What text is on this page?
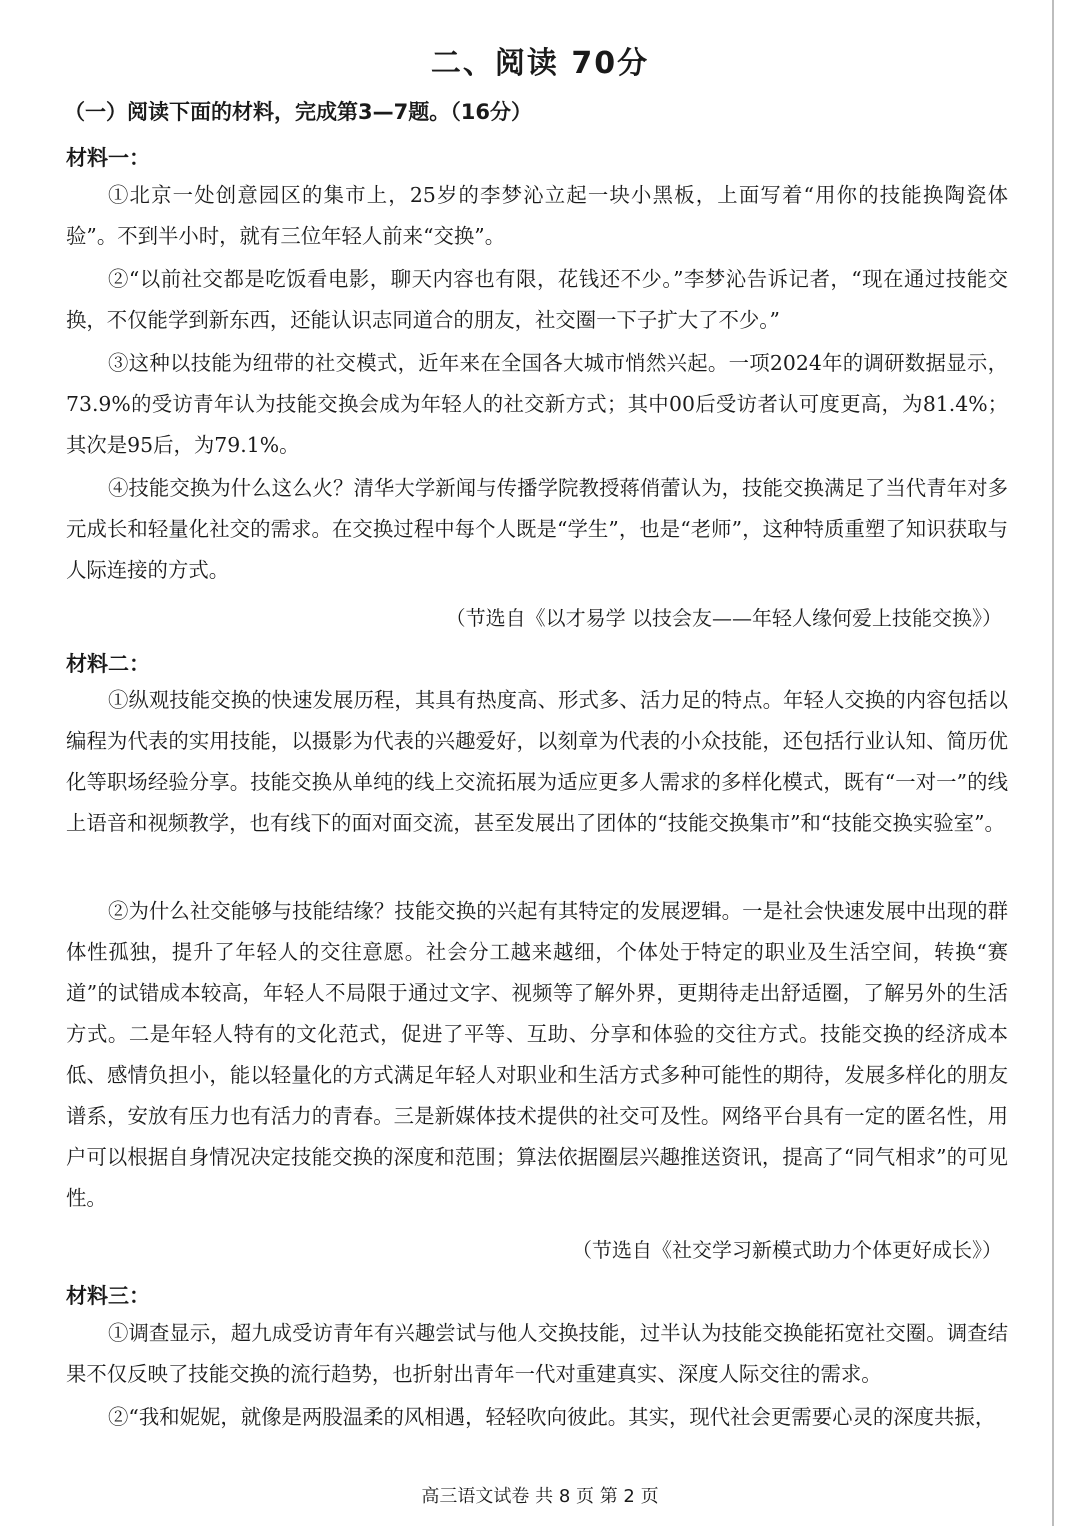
二、阅读 70分
（一）阅读下面的材料，完成第3—7题。（16分）
材料一：

①北京一处创意园区的集市上，25岁的李梦沁立起一块小黑板，上面写着“用你的技能换陶瓷体验”。不到半小时，就有三位年轻人前来“交换”。

②“以前社交都是吃饭看电影，聊天内容也有限，花钱还不少。”李梦沁告诉记者，“现在通过技能交换，不仅能学到新东西，还能认识志同道合的朋友，社交圈一下子扩大了不少。”

③这种以技能为纽带的社交模式，近年来在全国各大城市悄然兴起。一项2024年的调研数据显示，73.9%的受访青年认为技能交换会成为年轻人的社交新方式；其中00后受访者认可度更高，为81.4%；其次是95后，为79.1%。

④技能交换为什么这么火？清华大学新闻与传播学院教授蒋俏蕾认为，技能交换满足了当代青年对多元成长和轻量化社交的需求。在交换过程中每个人既是“学生”，也是“老师”，这种特质重塑了知识获取与人际连接的方式。

（节选自《以才易学 以技会友——年轻人缘何爱上技能交换》）
材料二：

①纵观技能交换的快速发展历程，其具有热度高、形式多、活力足的特点。年轻人交换的内容包括以编程为代表的实用技能，以摄影为代表的兴趣爱好，以刻章为代表的小众技能，还包括行业认知、简历优化等职场经验分享。技能交换从单纯的线上交流拓展为适应更多人需求的多样化模式，既有“一对一”的线上语音和视频教学，也有线下的面对面交流，甚至发展出了团体的“技能交换集市”和“技能交换实验室”。

②为什么社交能够与技能结缘？技能交换的兴起有其特定的发展逻辑。一是社会快速发展中出现的群体性孤独，提升了年轻人的交往意愿。社会分工越来越细，个体处于特定的职业及生活空间，转换“赛道”的试错成本较高，年轻人不局限于通过文字、视频等了解外界，更期待走出舒适圈，了解另外的生活方式。二是年轻人特有的文化范式，促进了平等、互助、分享和体验的交往方式。技能交换的经济成本低、感情负担小，能以轻量化的方式满足年轻人对职业和生活方式多种可能性的期待，发展多样化的朋友谱系，安放有压力也有活力的青春。三是新媒体技术提供的社交可及性。网络平台具有一定的匿名性，用户可以根据自身情况决定技能交换的深度和范围；算法依据圈层兴趣推送资讯，提高了“同气相求”的可见性。

（节选自《社交学习新模式助力个体更好成长》）
材料三：

①调查显示，超九成受访青年有兴趣尝试与他人交换技能，过半认为技能交换能拓宽社交圈。调查结果不仅反映了技能交换的流行趋势，也折射出青年一代对重建真实、深度人际交往的需求。

②“我和妮妮，就像是两股温柔的风相遇，轻轻吹向彼此。其实，现代社会更需要心灵的深度共振，

高三语文试卷 共 8 页 第 2 页
